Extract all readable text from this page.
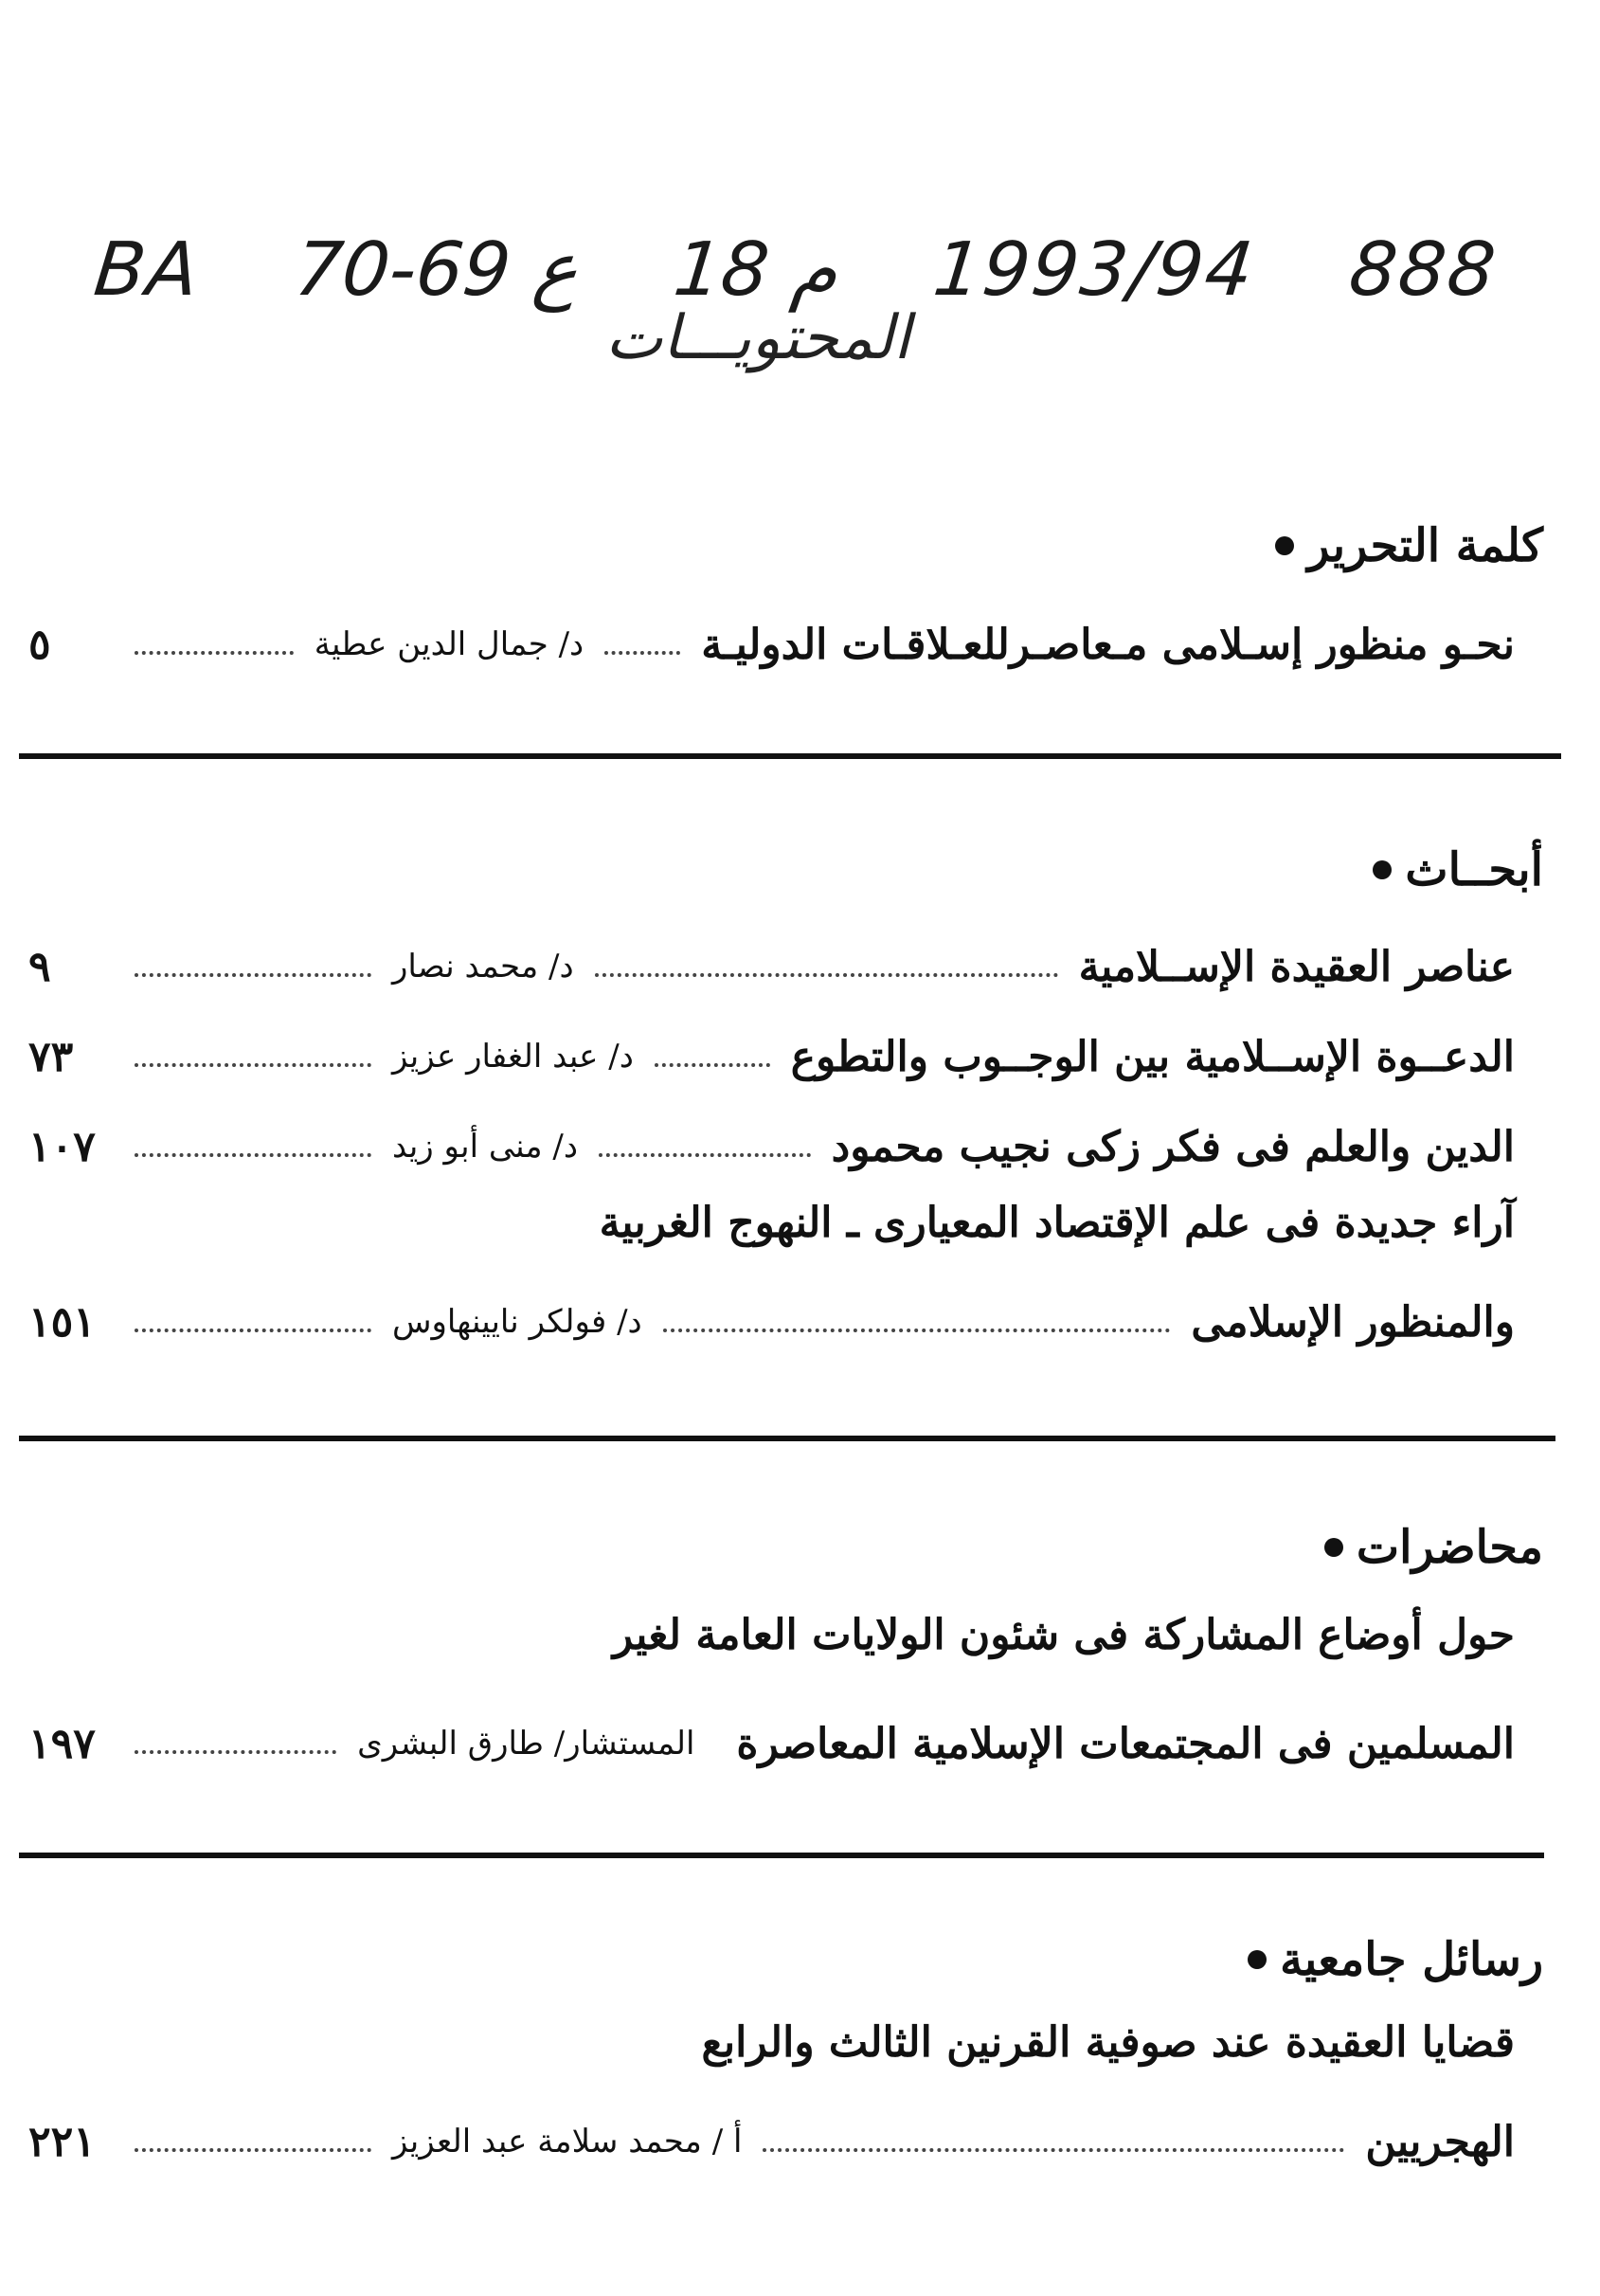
BA 70-69 ع 18 م 1993/94 888
المحتويـــات
كلمة التحرير
نحـو منظور إسـلامى مـعاصـرللعـلاقـات الدوليـة
د/ جمال الدين عطية
٥
أبحــاث
عناصر العقيدة الإســلامية
د/ محمد نصار
٩
الدعــوة الإســلامية بين الوجــوب والتطوع
د/ عبد الغفار عزيز
٧٣
الدين والعلم فى فكر زكى نجيب محمود
د/ منى أبو زيد
١٠٧
آراء جديدة فى علم الإقتصاد المعيارى ـ النهوج الغربية
والمنظور الإسلامى
د/ فولكر نايينهاوس
١٥١
محاضرات
حول أوضاع المشاركة فى شئون الولايات العامة لغير
المسلمين فى المجتمعات الإسلامية المعاصرة
المستشار/ طارق البشرى
١٩٧
رسائل جامعية
قضايا العقيدة عند صوفية القرنين الثالث والرابع
الهجريين
أ / محمد سلامة عبد العزيز
٢٢١
